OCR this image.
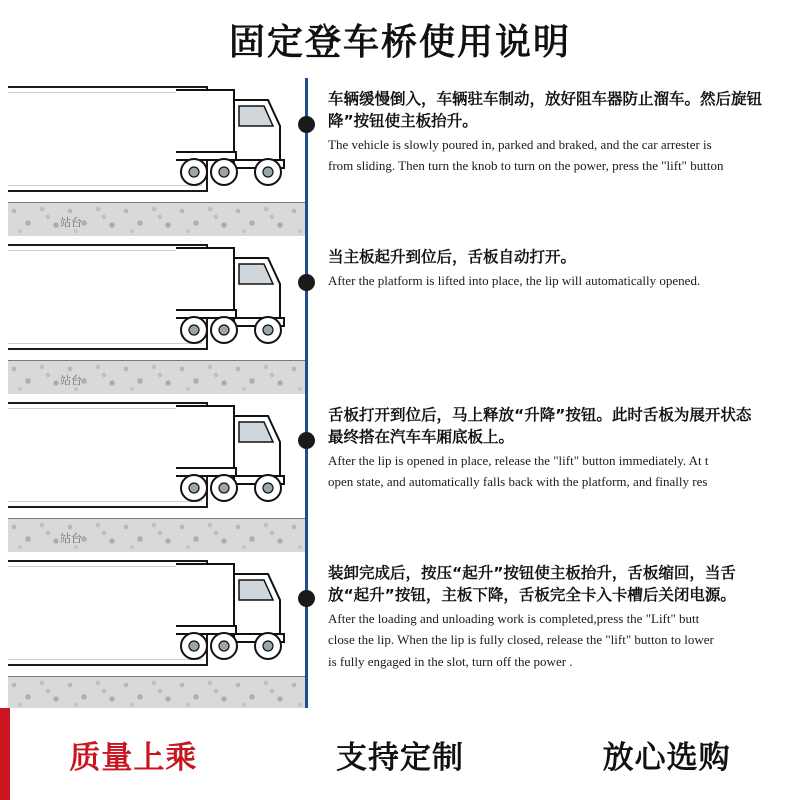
固定登车桥使用说明
站台
车辆缓慢倒入，车辆驻车制动，放好阻车器防止溜车。然后旋钮
降”按钮使主板抬升。
The vehicle is slowly poured in, parked and braked, and the car arrester is
from sliding. Then turn the knob to turn on the power, press the "lift" button
站台
当主板起升到位后，舌板自动打开。
After the platform is lifted into place, the lip will automatically opened.
站台
舌板打开到位后，马上释放“升降”按钮。此时舌板为展开状态
最终搭在汽车车厢底板上。
After the lip is opened in place, release the "lift" button immediately. At t
open state, and automatically falls back with the platform, and finally res
装卸完成后，按压“起升”按钮使主板抬升，舌板缩回，当舌
放“起升”按钮，主板下降，舌板完全卡入卡槽后关闭电源。
After the loading and unloading work is completed,press the "Lift" butt
close the lip. When the lip is fully closed, release the "lift" button to lower
is fully engaged in the slot, turn off the power .
质量上乘	支持定制	放心选购
